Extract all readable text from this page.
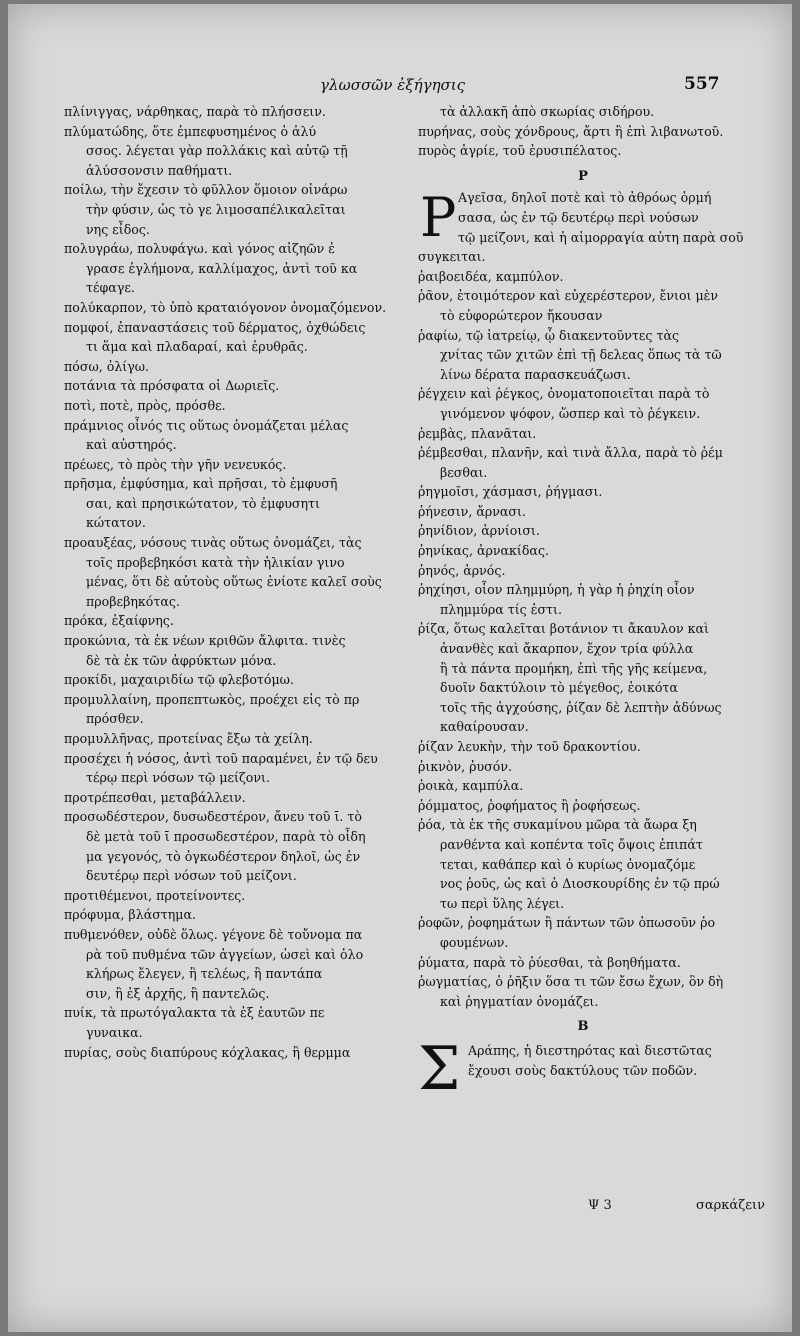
γλωσσῶν ἐξήγησις	557
πλίνιγγας, νάρθηκας, παρὰ τὸ πλήσσειν.
πλύματώδης, ὅτε ἐμπεφυσημένος ὁ ἀλύ
σσος. λέγεται γὰρ πολλάκις καὶ αὐτῷ τῇ
ἀλύσσονσιν παθήματι.
ποίλω, τὴν ἔχεσιν τὸ φῦλλον ὅμοιον οἰνάρω
τὴν φύσιν, ὡς τὸ γε λιμοσαπέλικαλεῖται
νης εἶδος.
πολυγράω, πολυφάγω. καὶ γόνος αἰζηῶν ἐ
γρασε ἐγλήμονα, καλλίμαχος, ἀντὶ τοῦ κα
τέφαγε.
πολύκαρπον, τὸ ὑπὸ κραταιόγονον ὀνομαζόμενον.
πομφοί, ἐπαναστάσεις τοῦ δέρματος, ὀχθώδεις
τι ἅμα καὶ πλαδαραί, καὶ ἐρυθρᾶς.
πόσω, ὀλίγω.
ποτάνια τὰ πρόσφατα οἱ Δωριεῖς.
ποτὶ, ποτὲ, πρὸς, πρόσθε.
πράμνιος οἶνός τις οὕτως ὀνομάζεται μέλας
καὶ αὐστηρός.
πρέωες, τὸ πρὸς τὴν γῆν νενευκός.
πρῆσμα, ἐμφύσημα, καὶ πρῆσαι, τὸ ἐμφυσῆ
σαι, καὶ πρησικώτατον, τὸ ἐμφυσητι
κώτατον.
προαυξέας, νόσους τινὰς οὕτως ὀνομάζει, τὰς
τοῖς προβεβηκόσι κατὰ τὴν ἡλικίαν γινο
μένας, ὅτι δὲ αὐτοὺς οὕτως ἐνίοτε καλεῖ σοὺς
προβεβηκότας.
πρόκα, ἐξαίφνης.
προκώνια, τὰ ἐκ νέων κριθῶν ἄλφιτα. τινὲς
δὲ τὰ ἐκ τῶν ἀφρύκτων μόνα.
προκίδι, μαχαιριδίω τῷ φλεβοτόμω.
προμυλλαίνη, προπεπτωκὸς, προέχει εἰς τὸ πρ
πρόσθεν.
προμυλλῆνας, προτείνας ἔξω τὰ χείλη.
προσέχει ἡ νόσος, ἀντὶ τοῦ παραμένει, ἐν τῷ δευ
τέρῳ περὶ νόσων τῷ μείζονι.
προτρέπεσθαι, μεταβάλλειν.
προσωδέστερον, δυσωδεστέρον, ἄνευ τοῦ ῑ. τὸ
δὲ μετὰ τοῦ ῑ προσωδεστέρον, παρὰ τὸ οἶδη
μα γεγονός, τὸ ὀγκωδέστερον δηλοῖ, ὡς ἐν
δευτέρῳ περὶ νόσων τοῦ μείζονι.
προτιθέμενοι, προτείνοντες.
πρόφυμα, βλάστημα.
πυθμενόθεν, οὐδὲ ὅλως. γέγονε δὲ τοὔνομα πα
ρὰ τοῦ πυθμένα τῶν ἀγγείων, ὡσεὶ καὶ ὁλο
κλήρως ἔλεγεν, ἢ τελέως, ἢ παντάπα
σιν, ἢ ἐξ ἀρχῆς, ἢ παντελῶς.
πυίκ, τὰ πρωτόγαλακτα τὰ ἐξ ἑαυτῶν πε
γυναικα.
πυρίας, σοὺς διαπύρους κόχλακας, ἢ θερμμα
τὰ ἀλλακῆ ἀπὸ σκωρίας σιδήρου.
πυρήνας, σοὺς χόνδρους, ἄρτι ἢ ἐπὶ λιβανωτοῦ.
πυρὸς ἀγρίε, τοῦ ἐρυσιπέλατος.
Ρ
Ρ Αγεῖσα, δηλοῖ ποτὲ καὶ τὸ ἀθρόως ὁρμή
σασα, ὡς ἐν τῷ δευτέρῳ περὶ νούσων
τῷ μείζονι, καὶ ἡ αἱμορραγία αὐτη παρὰ σοῦ
συγκειται.
ῥαιβοειδέα, καμπύλον.
ῥᾶον, ἑτοιμότερον καὶ εὐχερέστερον, ἔνιοι μὲν
τὸ εὐφορώτερον ἤκουσαν
ῥαφίω, τῷ ἰατρείῳ, ᾧ διακεντοῦντες τὰς
χνίτας τῶν χιτῶν ἐπὶ τῇ δελεας ὅπως τὰ τῶ
λίνω δέρατα παρασκευάζωσι.
ῥέγχειν καὶ ῥέγκος, ὀνοματοποιεῖται παρὰ τὸ
γινόμενον ψόφον, ὥσπερ καὶ τὸ ῥέγκειν.
ῥεμβὰς, πλανᾶται.
ῥέμβεσθαι, πλανῆν, καὶ τινὰ ἄλλα, παρὰ τὸ ῥέμ
βεσθαι.
ῥηγμοῖσι, χάσμασι, ῥήγμασι.
ῥήνεσιν, ἄρνασι.
ῥηνίδιον, ἀρνίοισι.
ῥηνίκας, ἀρνακίδας.
ῥηνός, ἀρνός.
ῥηχίησι, οἷον πλημμύρη, ἡ γὰρ ἡ ῥηχίη οἷον
πλημμύρα τίς ἐστι.
ῥίζα, ὅτως καλεῖται βοτάνιον τι ἄκαυλον καὶ
ἀνανθὲς καὶ ἄκαρπον, ἔχον τρία φύλλα
ἢ τὰ πάντα προμήκη, ἐπὶ τῆς γῆς κείμενα,
δυοῖν δακτύλοιν τὸ μέγεθος, ἐοικότα
τοῖς τῆς ἀγχούσης, ῥίζαν δὲ λεπτὴν ἀδύνως
καθαίρουσαν.
ῥίζαν λευκὴν, τὴν τοῦ δρακοντίου.
ῥικνὸν, ῥυσόν.
ῥοικὰ, καμπύλα.
ῥόμματος, ῥοφήματος ἢ ῥοφήσεως.
ῥόα, τὰ ἐκ τῆς συκαμίνου μῶρα τὰ ἄωρα ξη
ρανθέντα καὶ κοπέντα τοῖς ὄψοις ἐπιπάτ
τεται, καθάπερ καὶ ὁ κυρίως ὀνομαζόμε
νος ῥοῦς, ὡς καὶ ὁ Διοσκουρίδης ἐν τῷ πρώ
τω περὶ ὕλης λέγει.
ῥοφῶν, ῥοφημάτων ἢ πάντων τῶν ὁπωσοῦν ῥο
φουμένων.
ῥύματα, παρὰ τὸ ῥύεσθαι, τὰ βοηθήματα.
ῥωγματίας, ὁ ῥῆξιν ὅσα τι τῶν ἔσω ἔχων, ὃν δὴ
καὶ ῥηγματίαν ὀνομάζει.
Β
Σ Αράπης, ἡ διεστηρότας καὶ διεστῶτας
ἔχουσι σοὺς δακτύλους τῶν ποδῶν.
Ψ 3	σαρκάζειν
